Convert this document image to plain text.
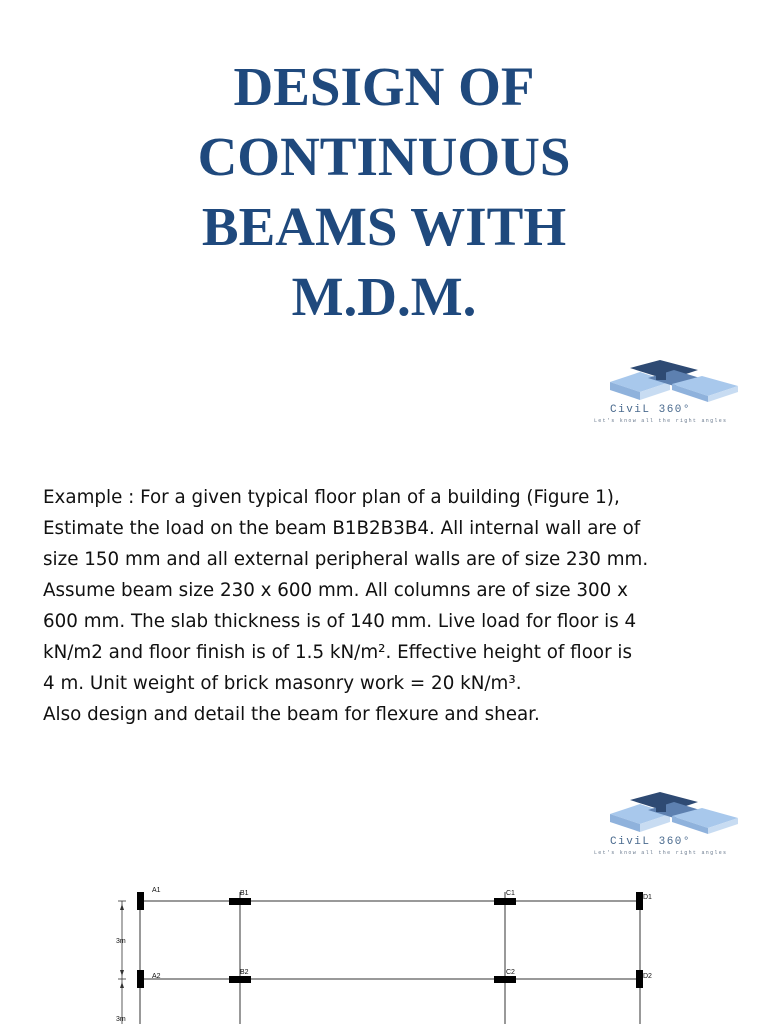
DESIGN OF
CONTINUOUS
BEAMS WITH
M.D.M.
CiviL 360°
Let's know all the right angles
Example : For a given typical floor plan of a building (Figure 1),
Estimate the load on the beam B1B2B3B4. All internal wall are of
size 150 mm and all external peripheral walls are of size 230 mm.
Assume beam size 230 x 600 mm. All columns are of size 300 x
600 mm. The slab thickness is of 140 mm. Live load for floor is 4
kN/m2 and floor finish is of 1.5 kN/m². Effective height of floor is
4 m. Unit weight of brick masonry work = 20 kN/m³.
Also design and detail the beam for flexure and shear.
CiviL 360°
Let's know all the right angles
A1	B1	C1
D1
A2
B2	C2
D2
3m
3m
